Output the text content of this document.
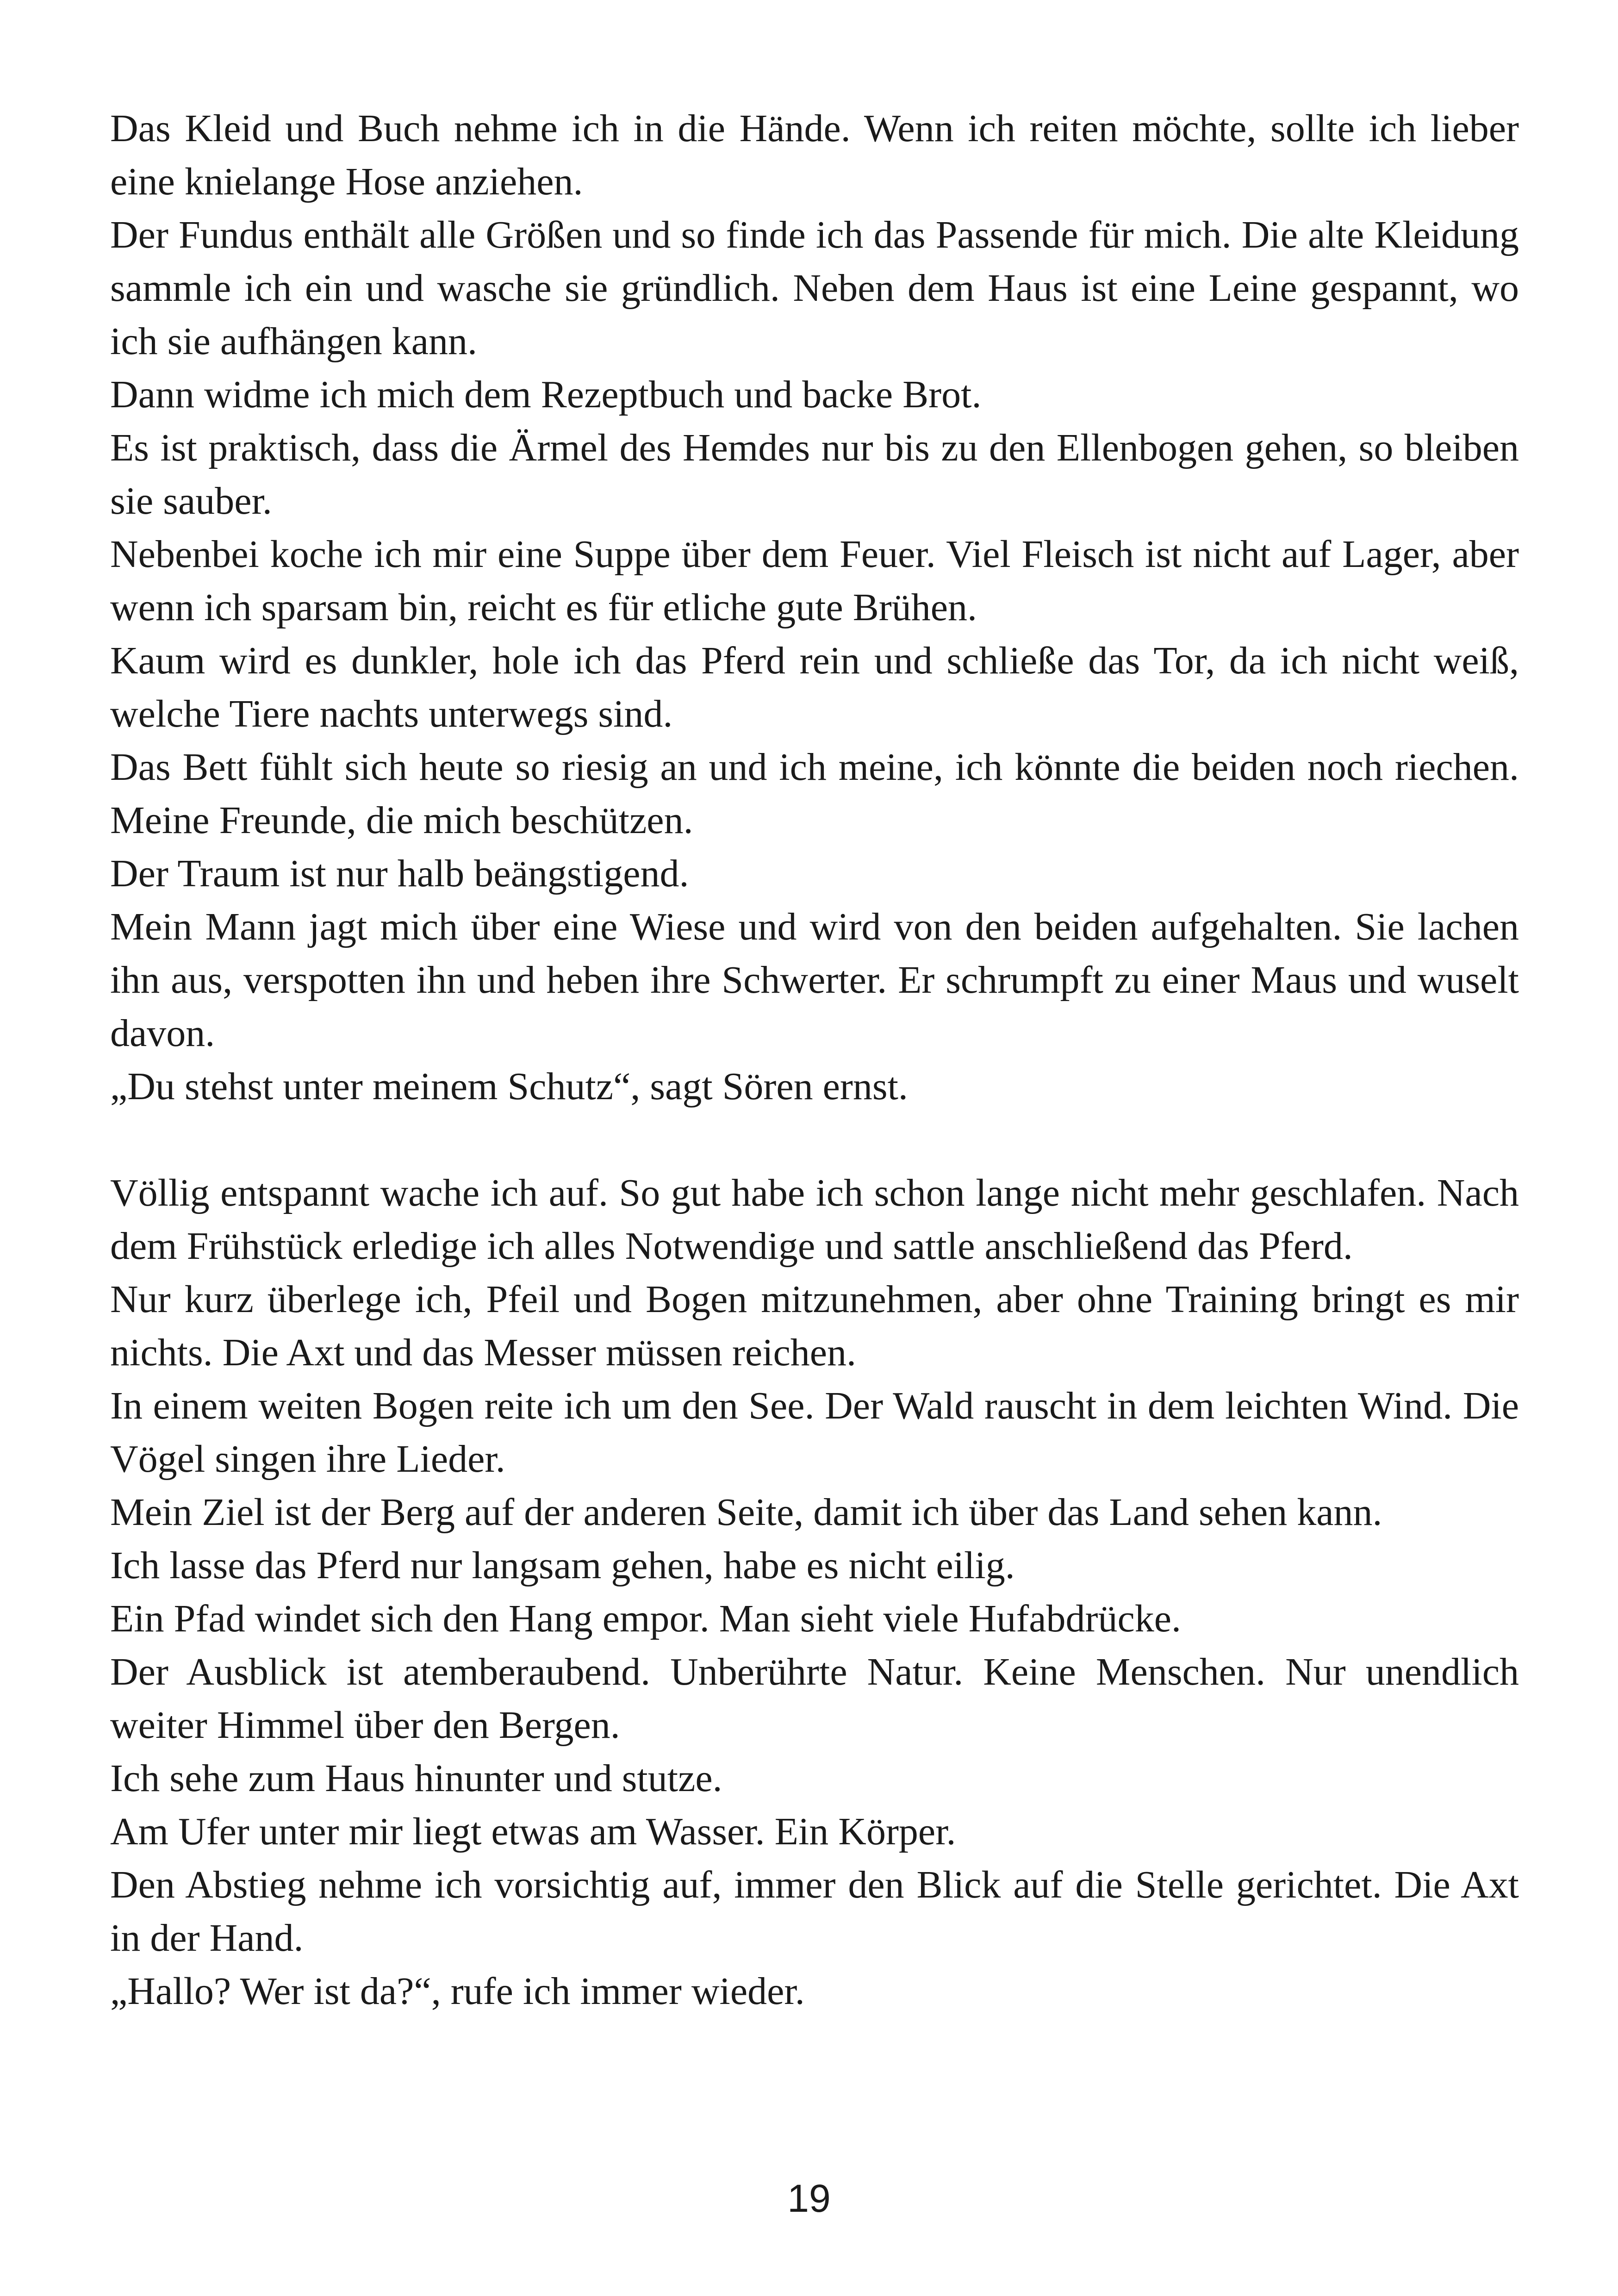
Das Kleid und Buch nehme ich in die Hände. Wenn ich reiten möchte, sollte ich lieber eine knielange Hose anziehen.

Der Fundus enthält alle Größen und so finde ich das Passende für mich. Die alte Kleidung sammle ich ein und wasche sie gründlich. Neben dem Haus ist eine Leine gespannt, wo ich sie aufhängen kann.

Dann widme ich mich dem Rezeptbuch und backe Brot.

Es ist praktisch, dass die Ärmel des Hemdes nur bis zu den Ellenbogen gehen, so bleiben sie sauber.

Nebenbei koche ich mir eine Suppe über dem Feuer. Viel Fleisch ist nicht auf Lager, aber wenn ich sparsam bin, reicht es für etliche gute Brühen.

Kaum wird es dunkler, hole ich das Pferd rein und schließe das Tor, da ich nicht weiß, welche Tiere nachts unterwegs sind.

Das Bett fühlt sich heute so riesig an und ich meine, ich könnte die beiden noch riechen. Meine Freunde, die mich beschützen.

Der Traum ist nur halb beängstigend.

Mein Mann jagt mich über eine Wiese und wird von den beiden aufgehalten. Sie lachen ihn aus, verspotten ihn und heben ihre Schwerter. Er schrumpft zu einer Maus und wuselt davon.

„Du stehst unter meinem Schutz“, sagt Sören ernst.

Völlig entspannt wache ich auf. So gut habe ich schon lange nicht mehr geschlafen. Nach dem Frühstück erledige ich alles Notwendige und sattle anschließend das Pferd.

Nur kurz überlege ich, Pfeil und Bogen mitzunehmen, aber ohne Training bringt es mir nichts. Die Axt und das Messer müssen reichen.

In einem weiten Bogen reite ich um den See. Der Wald rauscht in dem leichten Wind. Die Vögel singen ihre Lieder.

Mein Ziel ist der Berg auf der anderen Seite, damit ich über das Land sehen kann.

Ich lasse das Pferd nur langsam gehen, habe es nicht eilig.

Ein Pfad windet sich den Hang empor. Man sieht viele Hufabdrücke.

Der Ausblick ist atemberaubend. Unberührte Natur. Keine Menschen. Nur unendlich weiter Himmel über den Bergen.

Ich sehe zum Haus hinunter und stutze.

Am Ufer unter mir liegt etwas am Wasser. Ein Körper.

Den Abstieg nehme ich vorsichtig auf, immer den Blick auf die Stelle gerichtet. Die Axt in der Hand.

„Hallo? Wer ist da?“, rufe ich immer wieder.

19
